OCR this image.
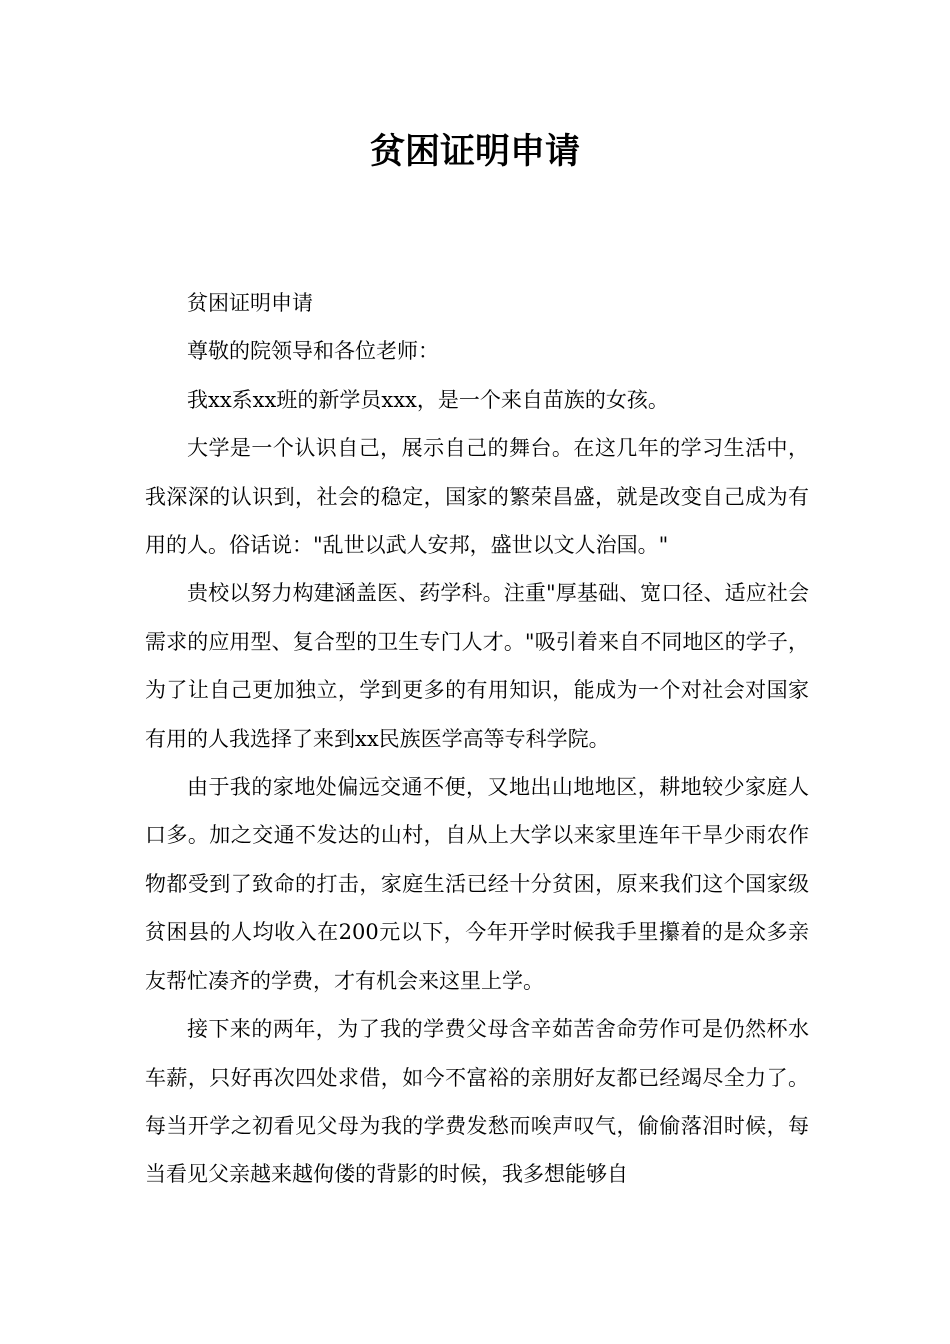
贫困证明申请

贫困证明申请

尊敬的院领导和各位老师：

我xx系xx班的新学员xxx，是一个来自苗族的女孩。

大学是一个认识自己，展示自己的舞台。在这几年的学习生活中，我深深的认识到，社会的稳定，国家的繁荣昌盛，就是改变自己成为有用的人。俗话说："乱世以武人安邦，盛世以文人治国。"

贵校以努力构建涵盖医、药学科。注重"厚基础、宽口径、适应社会需求的应用型、复合型的卫生专门人才。"吸引着来自不同地区的学子，为了让自己更加独立，学到更多的有用知识，能成为一个对社会对国家有用的人我选择了来到xx民族医学高等专科学院。

由于我的家地处偏远交通不便，又地出山地地区，耕地较少家庭人口多。加之交通不发达的山村，自从上大学以来家里连年干旱少雨农作物都受到了致命的打击，家庭生活已经十分贫困，原来我们这个国家级贫困县的人均收入在200元以下，今年开学时候我手里攥着的是众多亲友帮忙凑齐的学费，才有机会来这里上学。

接下来的两年，为了我的学费父母含辛茹苦舍命劳作可是仍然杯水车薪，只好再次四处求借，如今不富裕的亲朋好友都已经竭尽全力了。每当开学之初看见父母为我的学费发愁而唉声叹气，偷偷落泪时候，每当看见父亲越来越佝偻的背影的时候，我多想能够自
